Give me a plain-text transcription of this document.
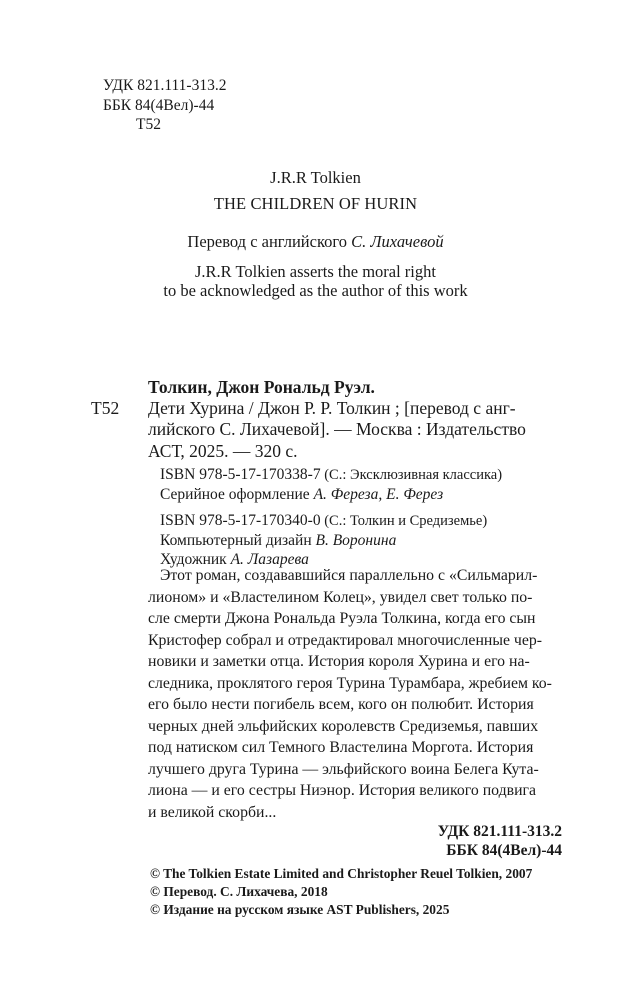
УДК 821.111-313.2
ББК 84(4Вел)-44
Т52
J.R.R Tolkien
THE CHILDREN OF HURIN
Перевод с английского С. Лихачевой
J.R.R Tolkien asserts the moral right
to be acknowledged as the author of this work
Толкин, Джон Рональд Руэл.
Т52 Дети Хурина / Джон Р. Р. Толкин ; [перевод с анг-
лийского С. Лихачевой]. — Москва : Издательство
АСТ, 2025. — 320 с.
ISBN 978-5-17-170338-7 (С.: Эксклюзивная классика)
Серийное оформление А. Фереза, Е. Ферез
ISBN 978-5-17-170340-0 (С.: Толкин и Средиземье)
Компьютерный дизайн В. Воронина
Художник А. Лазарева
Этот роман, создававшийся параллельно с «Сильмарил-
лионом» и «Властелином Колец», увидел свет только по-
сле смерти Джона Рональда Руэла Толкина, когда его сын
Кристофер собрал и отредактировал многочисленные чер-
новики и заметки отца. История короля Хурина и его на-
следника, проклятого героя Турина Турамбара, жребием ко-
его было нести погибель всем, кого он полюбит. История
черных дней эльфийских королевств Средиземья, павших
под натиском сил Темного Властелина Моргота. История
лучшего друга Турина — эльфийского воина Белега Кута-
лиона — и его сестры Ниэнор. История великого подвига
и великой скорби...
УДК 821.111-313.2
ББК 84(4Вел)-44
© The Tolkien Estate Limited and Christopher Reuel Tolkien, 2007
© Перевод. С. Лихачева, 2018
© Издание на русском языке AST Publishers, 2025
